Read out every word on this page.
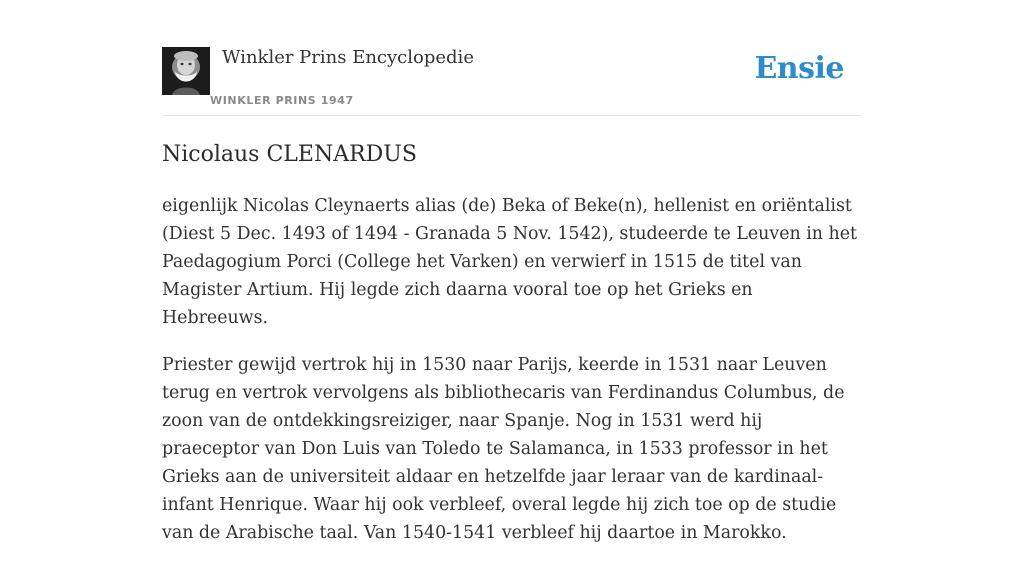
Winkler Prins Encyclopedie
WINKLER PRINS 1947
Ensie
Nicolaus CLENARDUS

eigenlijk Nicolas Cleynaerts alias (de) Beka of Beke(n), hellenist en oriëntalist (Diest 5 Dec. 1493 of 1494 - Granada 5 Nov. 1542), studeerde te Leuven in het Paedagogium Porci (College het Varken) en verwierf in 1515 de titel van Magister Artium. Hij legde zich daarna vooral toe op het Grieks en Hebreeuws.

Priester gewijd vertrok hij in 1530 naar Parijs, keerde in 1531 naar Leuven terug en vertrok vervolgens als bibliothecaris van Ferdinandus Columbus, de zoon van de ontdekkingsreiziger, naar Spanje. Nog in 1531 werd hij praeceptor van Don Luis van Toledo te Salamanca, in 1533 professor in het Grieks aan de universiteit aldaar en hetzelfde jaar leraar van de kardinaal-infant Henrique. Waar hij ook verbleef, overal legde hij zich toe op de studie van de Arabische taal. Van 1540-1541 verbleef hij daartoe in Marokko.
